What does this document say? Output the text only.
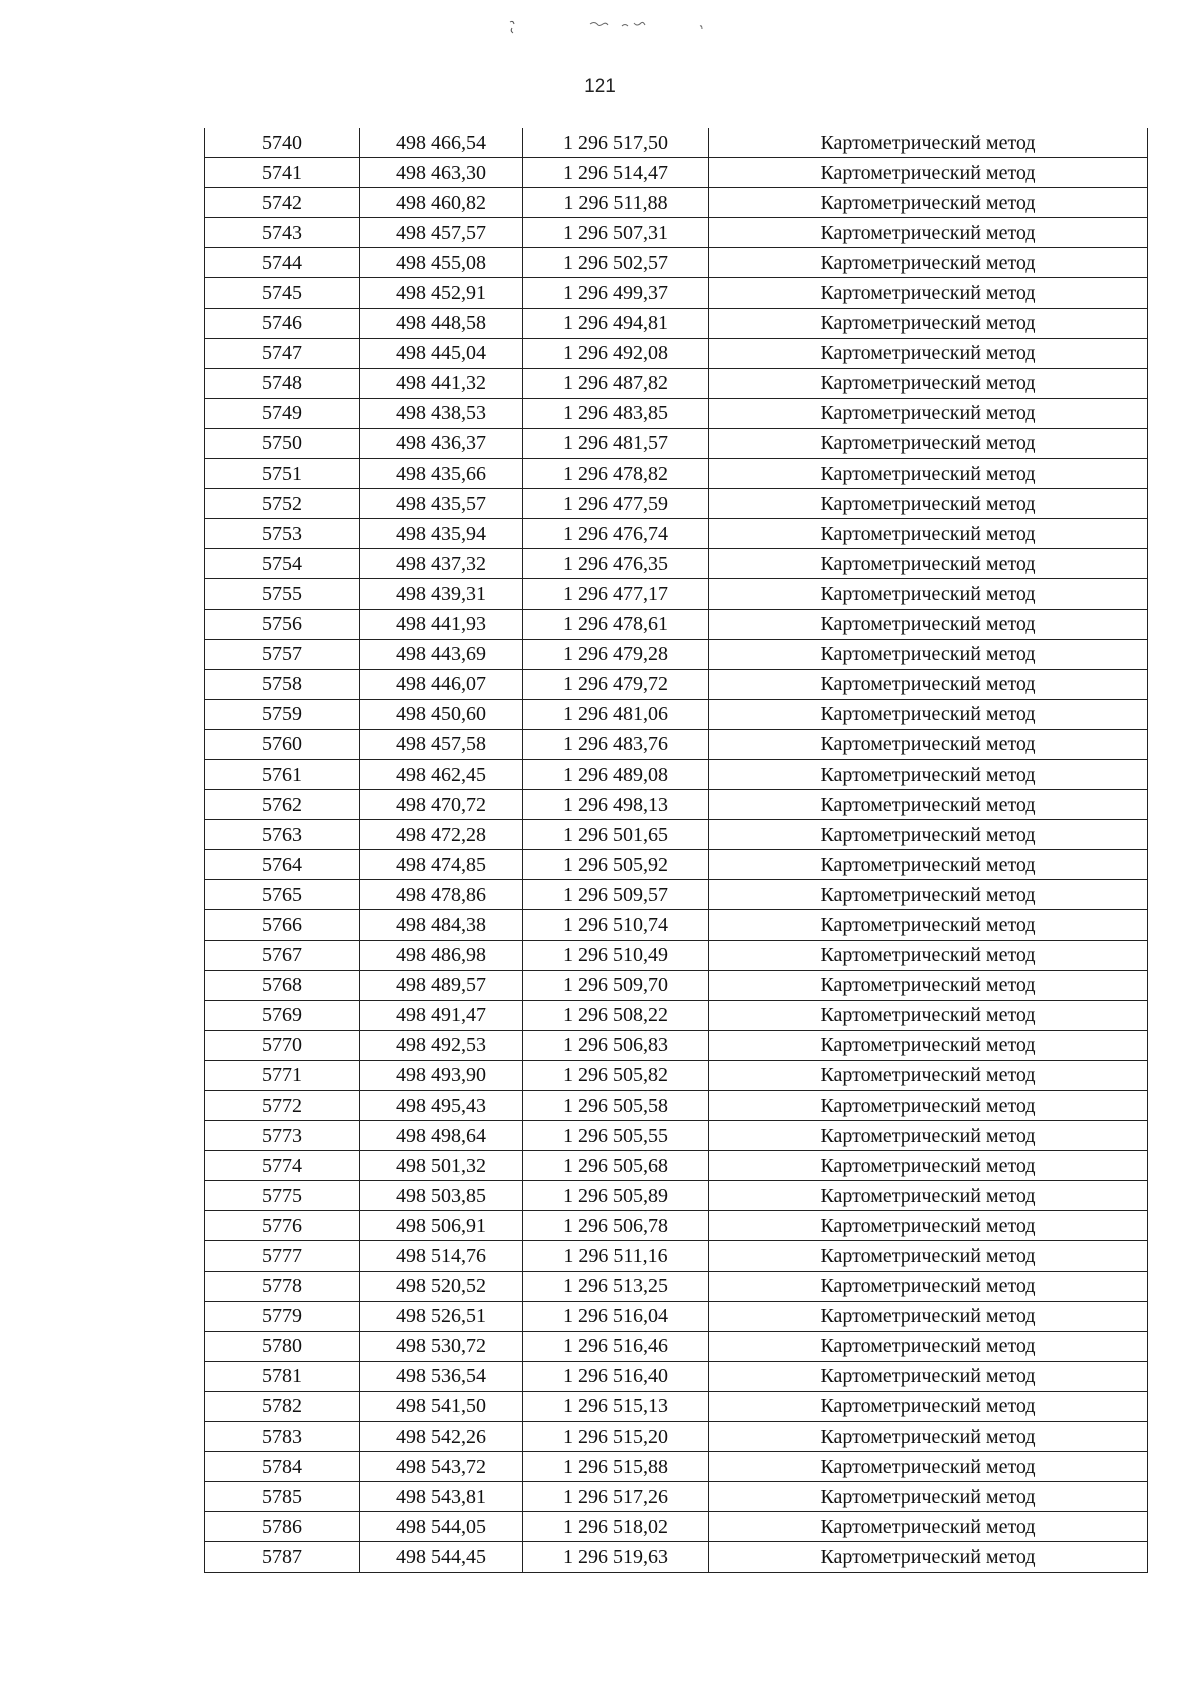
121
5740	498 466,54	1 296 517,50	Картометрический метод
5741	498 463,30	1 296 514,47	Картометрический метод
5742	498 460,82	1 296 511,88	Картометрический метод
5743	498 457,57	1 296 507,31	Картометрический метод
5744	498 455,08	1 296 502,57	Картометрический метод
5745	498 452,91	1 296 499,37	Картометрический метод
5746	498 448,58	1 296 494,81	Картометрический метод
5747	498 445,04	1 296 492,08	Картометрический метод
5748	498 441,32	1 296 487,82	Картометрический метод
5749	498 438,53	1 296 483,85	Картометрический метод
5750	498 436,37	1 296 481,57	Картометрический метод
5751	498 435,66	1 296 478,82	Картометрический метод
5752	498 435,57	1 296 477,59	Картометрический метод
5753	498 435,94	1 296 476,74	Картометрический метод
5754	498 437,32	1 296 476,35	Картометрический метод
5755	498 439,31	1 296 477,17	Картометрический метод
5756	498 441,93	1 296 478,61	Картометрический метод
5757	498 443,69	1 296 479,28	Картометрический метод
5758	498 446,07	1 296 479,72	Картометрический метод
5759	498 450,60	1 296 481,06	Картометрический метод
5760	498 457,58	1 296 483,76	Картометрический метод
5761	498 462,45	1 296 489,08	Картометрический метод
5762	498 470,72	1 296 498,13	Картометрический метод
5763	498 472,28	1 296 501,65	Картометрический метод
5764	498 474,85	1 296 505,92	Картометрический метод
5765	498 478,86	1 296 509,57	Картометрический метод
5766	498 484,38	1 296 510,74	Картометрический метод
5767	498 486,98	1 296 510,49	Картометрический метод
5768	498 489,57	1 296 509,70	Картометрический метод
5769	498 491,47	1 296 508,22	Картометрический метод
5770	498 492,53	1 296 506,83	Картометрический метод
5771	498 493,90	1 296 505,82	Картометрический метод
5772	498 495,43	1 296 505,58	Картометрический метод
5773	498 498,64	1 296 505,55	Картометрический метод
5774	498 501,32	1 296 505,68	Картометрический метод
5775	498 503,85	1 296 505,89	Картометрический метод
5776	498 506,91	1 296 506,78	Картометрический метод
5777	498 514,76	1 296 511,16	Картометрический метод
5778	498 520,52	1 296 513,25	Картометрический метод
5779	498 526,51	1 296 516,04	Картометрический метод
5780	498 530,72	1 296 516,46	Картометрический метод
5781	498 536,54	1 296 516,40	Картометрический метод
5782	498 541,50	1 296 515,13	Картометрический метод
5783	498 542,26	1 296 515,20	Картометрический метод
5784	498 543,72	1 296 515,88	Картометрический метод
5785	498 543,81	1 296 517,26	Картометрический метод
5786	498 544,05	1 296 518,02	Картометрический метод
5787	498 544,45	1 296 519,63	Картометрический метод
